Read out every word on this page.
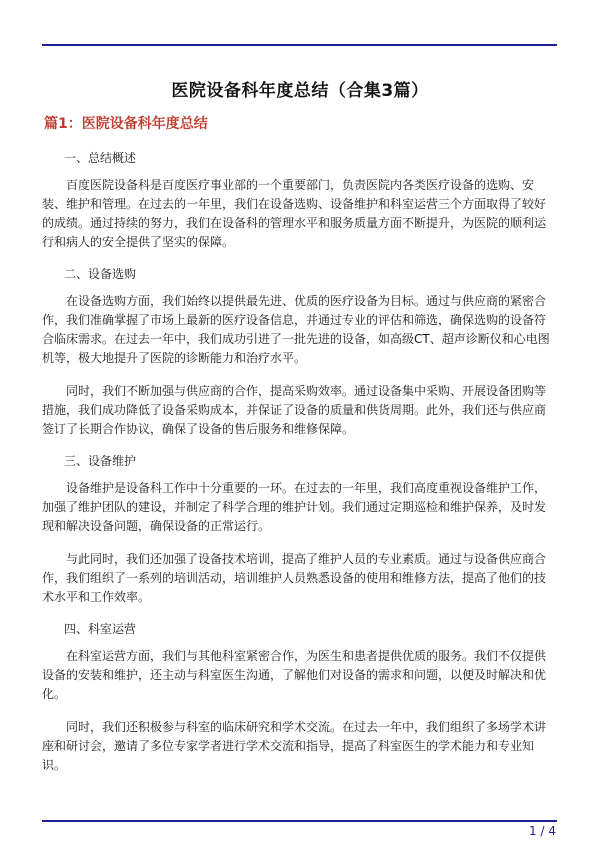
医院设备科年度总结（合集3篇）
篇1：医院设备科年度总结
一、总结概述

百度医院设备科是百度医疗事业部的一个重要部门，负责医院内各类医疗设备的选购、安装、维护和管理。在过去的一年里，我们在设备选购、设备维护和科室运营三个方面取得了较好的成绩。通过持续的努力，我们在设备科的管理水平和服务质量方面不断提升，为医院的顺利运行和病人的安全提供了坚实的保障。

二、设备选购

在设备选购方面，我们始终以提供最先进、优质的医疗设备为目标。通过与供应商的紧密合作，我们准确掌握了市场上最新的医疗设备信息，并通过专业的评估和筛选，确保选购的设备符合临床需求。在过去一年中，我们成功引进了一批先进的设备，如高级CT、超声诊断仪和心电图机等，极大地提升了医院的诊断能力和治疗水平。

同时，我们不断加强与供应商的合作，提高采购效率。通过设备集中采购、开展设备团购等措施，我们成功降低了设备采购成本，并保证了设备的质量和供货周期。此外，我们还与供应商签订了长期合作协议，确保了设备的售后服务和维修保障。

三、设备维护

设备维护是设备科工作中十分重要的一环。在过去的一年里，我们高度重视设备维护工作，加强了维护团队的建设，并制定了科学合理的维护计划。我们通过定期巡检和维护保养，及时发现和解决设备问题，确保设备的正常运行。

与此同时，我们还加强了设备技术培训，提高了维护人员的专业素质。通过与设备供应商合作，我们组织了一系列的培训活动，培训维护人员熟悉设备的使用和维修方法，提高了他们的技术水平和工作效率。

四、科室运营

在科室运营方面，我们与其他科室紧密合作，为医生和患者提供优质的服务。我们不仅提供设备的安装和维护，还主动与科室医生沟通，了解他们对设备的需求和问题，以便及时解决和优化。

同时，我们还积极参与科室的临床研究和学术交流。在过去一年中，我们组织了多场学术讲座和研讨会，邀请了多位专家学者进行学术交流和指导，提高了科室医生的学术能力和专业知识。

1 / 4
